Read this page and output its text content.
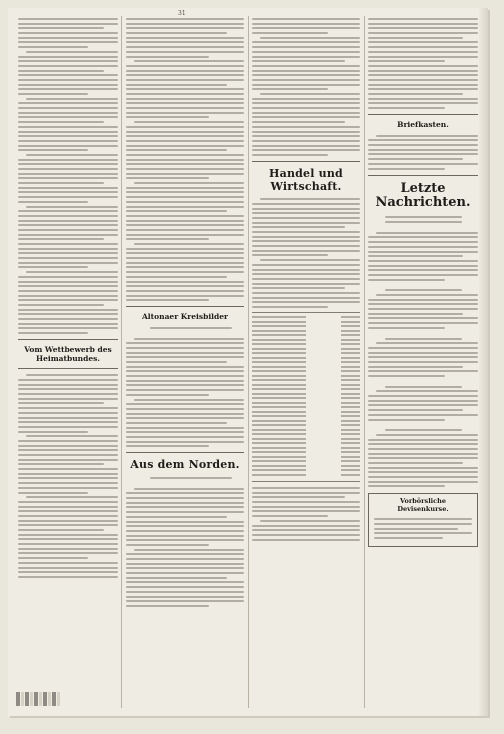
31
Vom Wettbewerb des Heimatbundes.
Altonaer Kreisbilder
Aus dem Norden.
Handel und Wirtschaft.
Briefkasten.
Letzte Nachrichten.
Vorbörsliche Devisenkurse.
